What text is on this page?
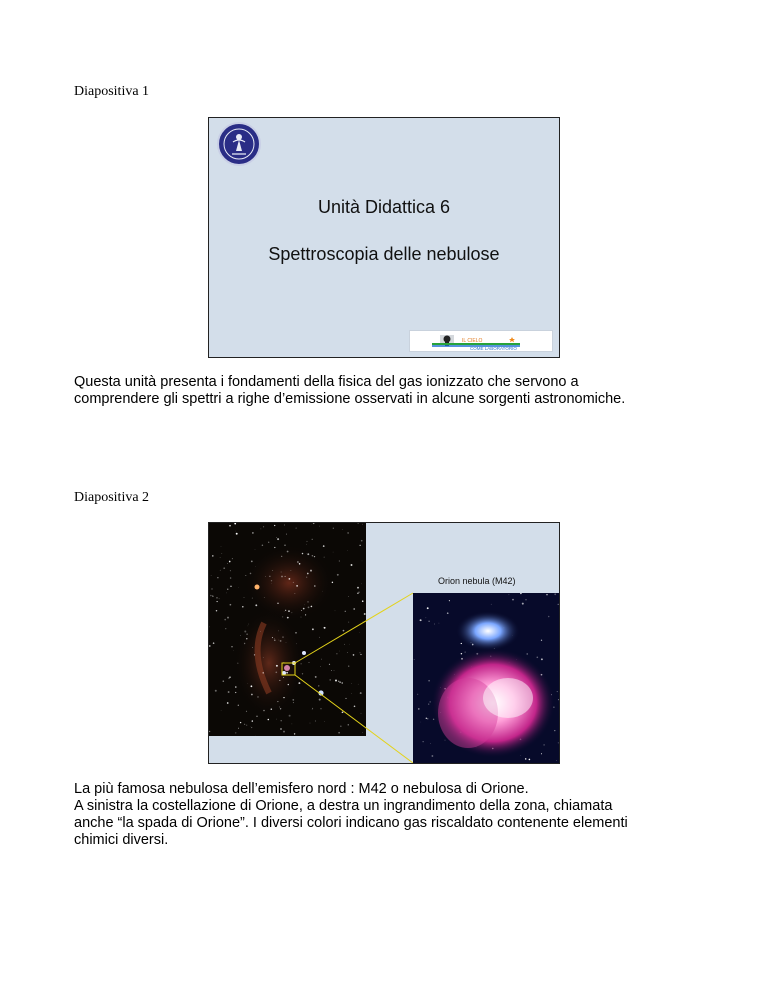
Diapositiva 1
Unità Didattica 6
Spettroscopia delle nebulose
IL CIELO
COME LABORATORIO

Questa unità presenta i fondamenti della fisica del gas ionizzato che servono a

comprendere gli spettri a righe d’emissione osservati in alcune sorgenti astronomiche.

Diapositiva 2
Orion nebula (M42)

La più famosa nebulosa dell’emisfero nord : M42 o nebulosa di Orione.

A sinistra la costellazione di Orione, a destra un ingrandimento della zona, chiamata

anche “la spada di Orione”. I diversi colori indicano gas riscaldato contenente elementi

chimici diversi.
